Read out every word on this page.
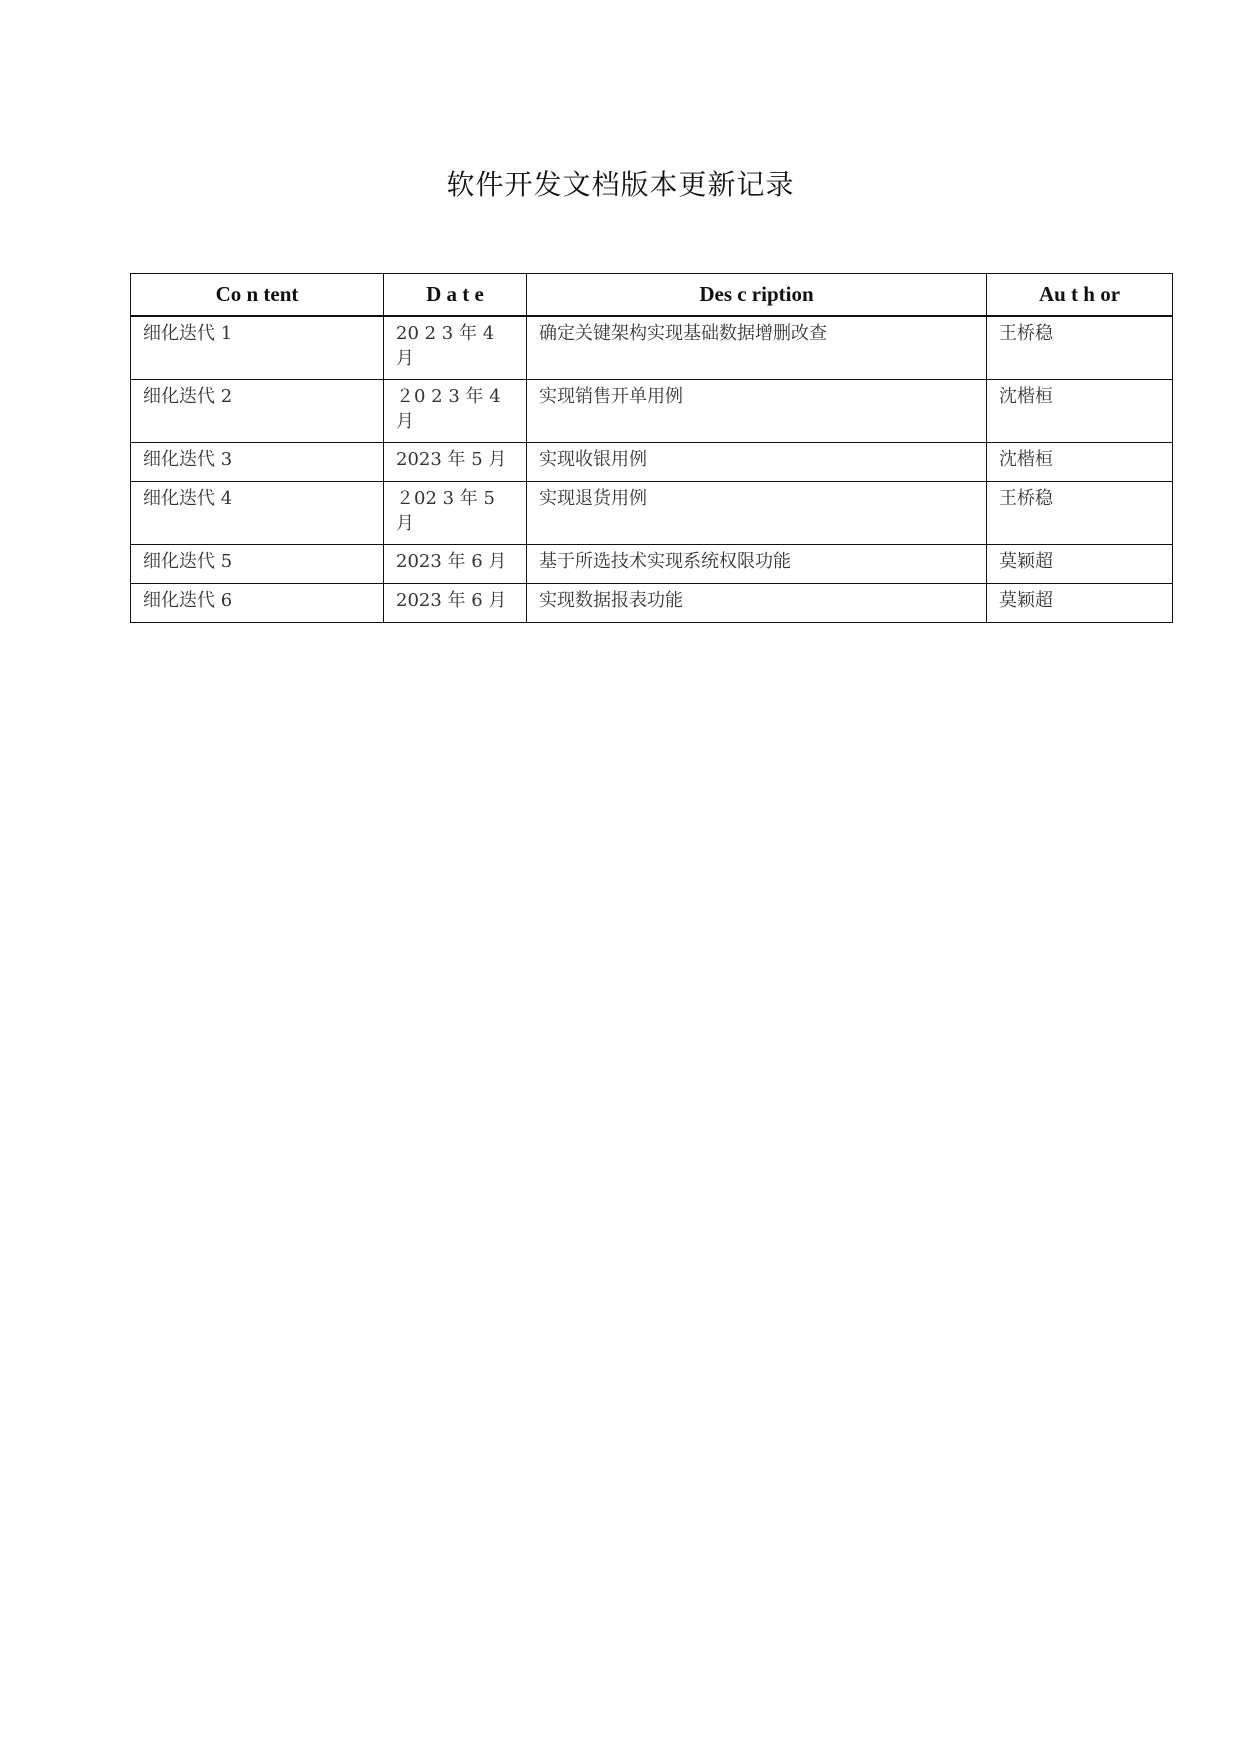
软件开发文档版本更新记录
Co n tent	D a t e	Des c ription	Au t h or
细化迭代 1	20 2 3 年 4 月	确定关键架构实现基础数据增删改查	王桥稳
细化迭代 2	２0 2 3 年 4 月	实现销售开单用例	沈楷桓
细化迭代 3	2023 年 5 月	实现收银用例	沈楷桓
细化迭代 4	２02 3 年 5 月	实现退货用例	王桥稳
细化迭代 5	2023 年 6 月	基于所选技术实现系统权限功能	莫颖超
细化迭代 6	2023 年 6 月	实现数据报表功能	莫颖超
